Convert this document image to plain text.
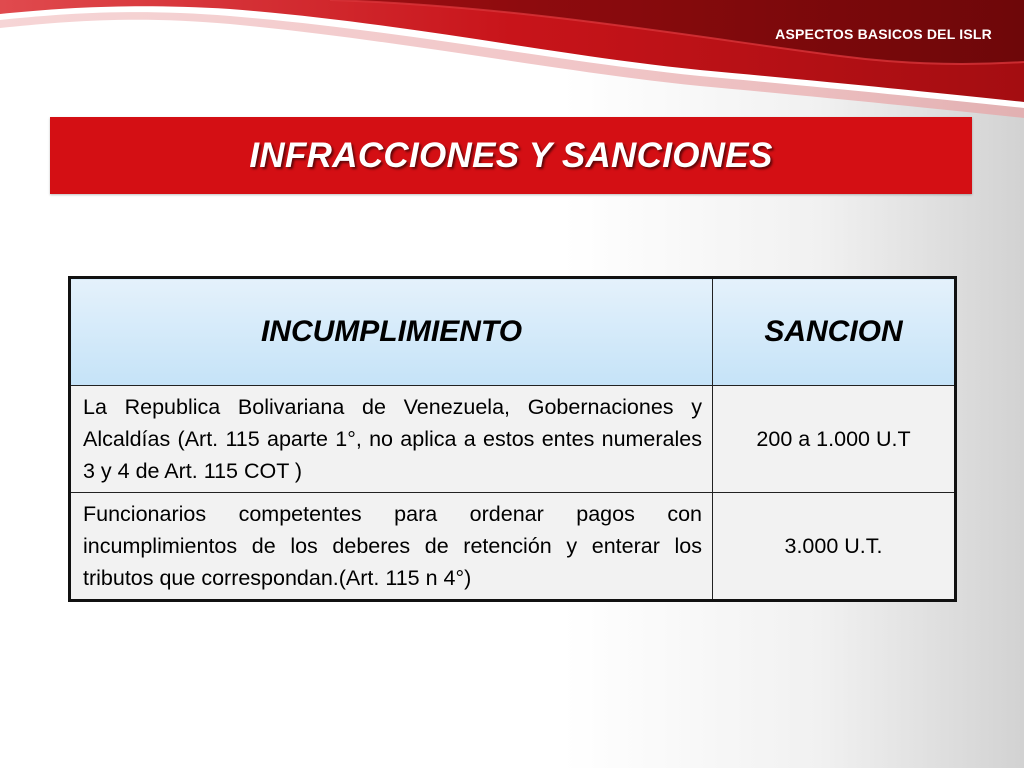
ASPECTOS BASICOS DEL ISLR
INFRACCIONES Y SANCIONES
INCUMPLIMIENTO	SANCION
La Republica Bolivariana de Venezuela, Gobernaciones y Alcaldías (Art. 115 aparte 1°, no aplica a estos entes numerales 3 y 4 de Art. 115 COT )	200 a 1.000 U.T
Funcionarios competentes para ordenar pagos con incumplimientos de los deberes de retención y enterar los tributos que correspondan.(Art. 115 n 4°)	3.000 U.T.
